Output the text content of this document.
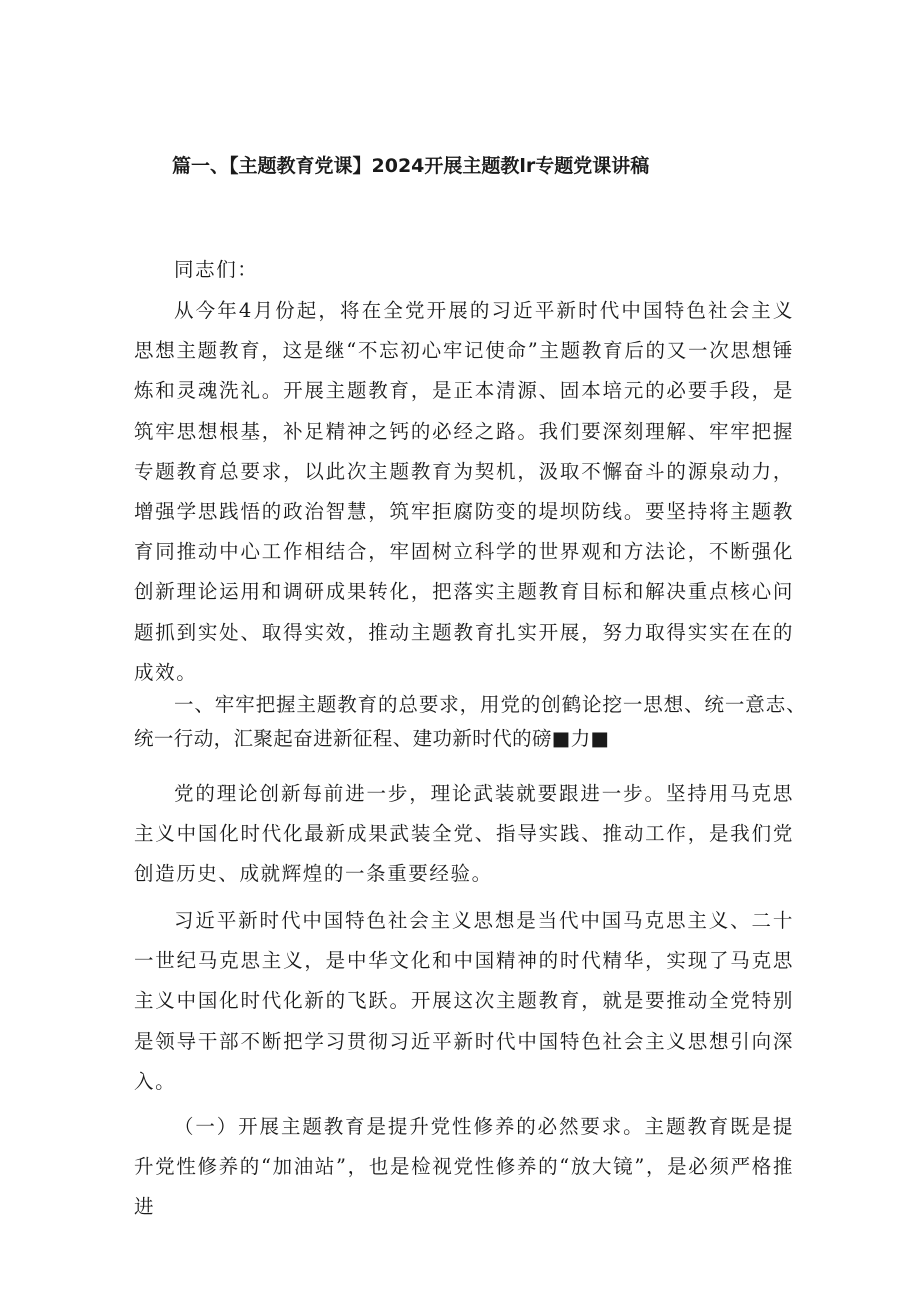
篇一、【主题教育党课】2024开展主题教lr专题党课讲稿

同志们：

从今年4月份起，将在全党开展的习近平新时代中国特色社会主义思想主题教育，这是继“不忘初心牢记使命”主题教育后的又一次思想锤炼和灵魂洗礼。开展主题教育，是正本清源、固本培元的必要手段，是筑牢思想根基，补足精神之钙的必经之路。我们要深刻理解、牢牢把握专题教育总要求，以此次主题教育为契机，汲取不懈奋斗的源泉动力，增强学思践悟的政治智慧，筑牢拒腐防变的堤坝防线。要坚持将主题教育同推动中心工作相结合，牢固树立科学的世界观和方法论，不断强化创新理论运用和调研成果转化，把落实主题教育目标和解决重点核心问题抓到实处、取得实效，推动主题教育扎实开展，努力取得实实在在的成效。

一、牢牢把握主题教育的总要求，用党的创鹤论挖一思想、统一意志、统一行动，汇聚起奋进新征程、建功新时代的磅■力■

党的理论创新每前进一步，理论武装就要跟进一步。坚持用马克思主义中国化时代化最新成果武装全党、指导实践、推动工作，是我们党创造历史、成就辉煌的一条重要经验。

习近平新时代中国特色社会主义思想是当代中国马克思主义、二十一世纪马克思主义，是中华文化和中国精神的时代精华，实现了马克思主义中国化时代化新的飞跃。开展这次主题教育，就是要推动全党特别是领导干部不断把学习贯彻习近平新时代中国特色社会主义思想引向深入。

（一）开展主题教育是提升党性修养的必然要求。主题教育既是提升党性修养的“加油站”，也是检视党性修养的“放大镜”，是必须严格推进
